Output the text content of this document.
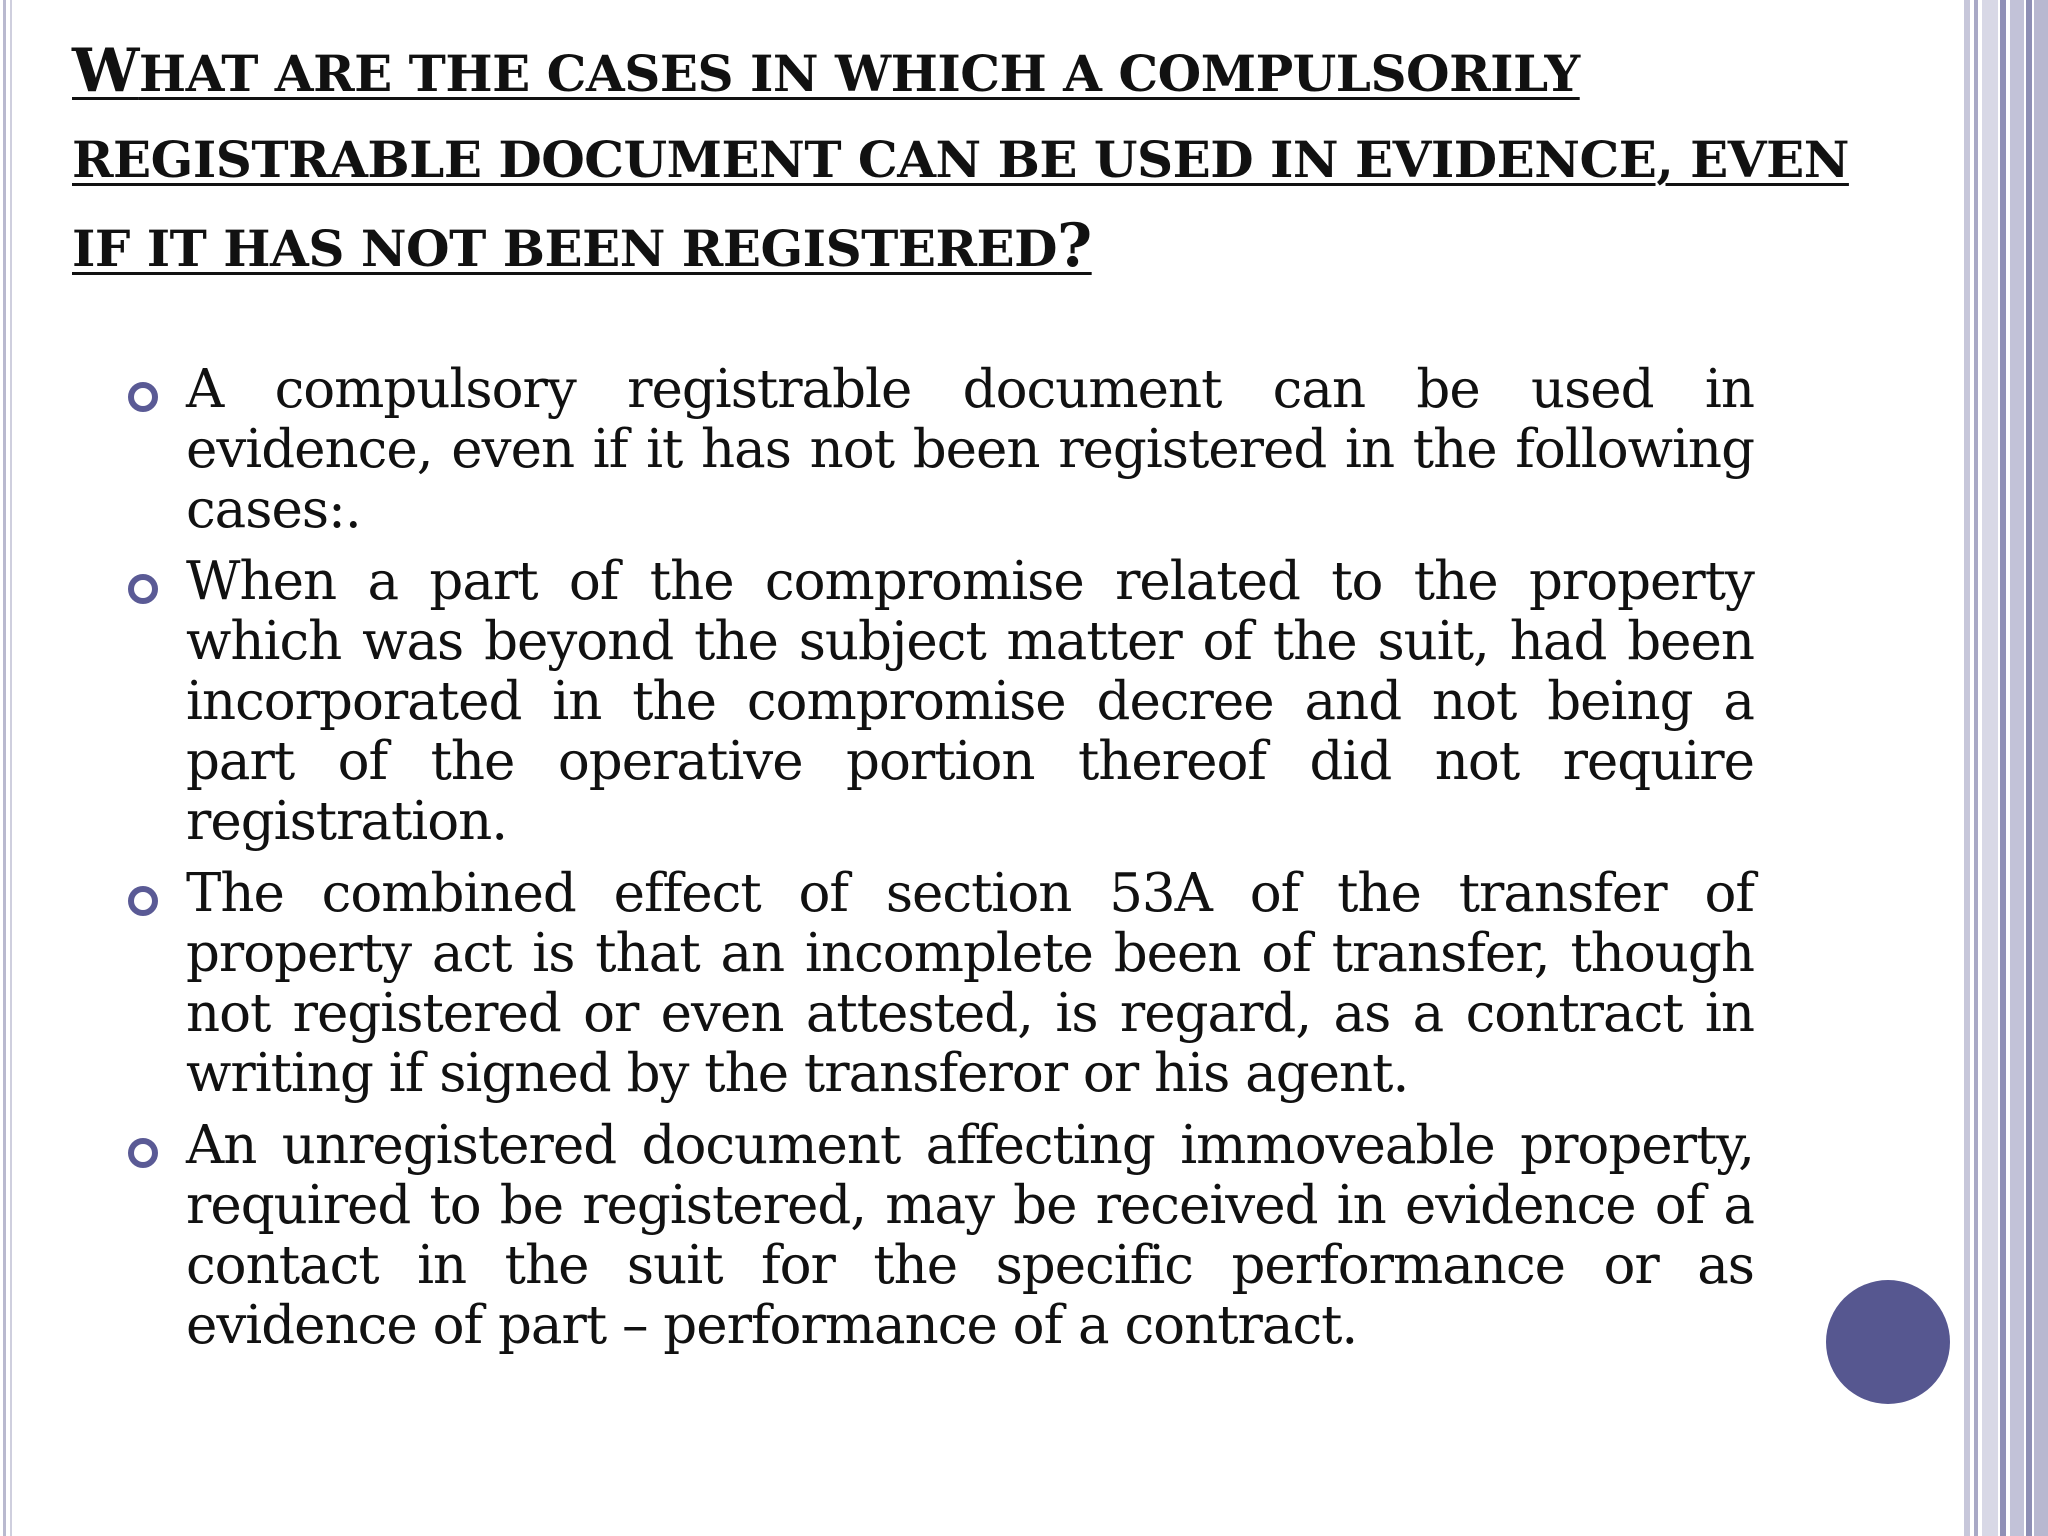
WHAT ARE THE CASES IN WHICH A COMPULSORILY REGISTRABLE DOCUMENT CAN BE USED IN EVIDENCE, EVEN IF IT HAS NOT BEEN REGISTERED?
A compulsory registrable document can be used in evidence, even if it has not been registered in the following cases:.
When a part of the compromise related to the property which was beyond the subject matter of the suit, had been incorporated in the compromise decree and not being a part of the operative portion thereof did not require registration.
The combined effect of section 53A of the transfer of property act is that an incomplete been of transfer, though not registered or even attested, is regard, as a contract in writing if signed by the transferor or his agent.
An unregistered document affecting immoveable property, required to be registered, may be received in evidence of a contact in the suit for the specific performance or as evidence of part – performance of a contract.
